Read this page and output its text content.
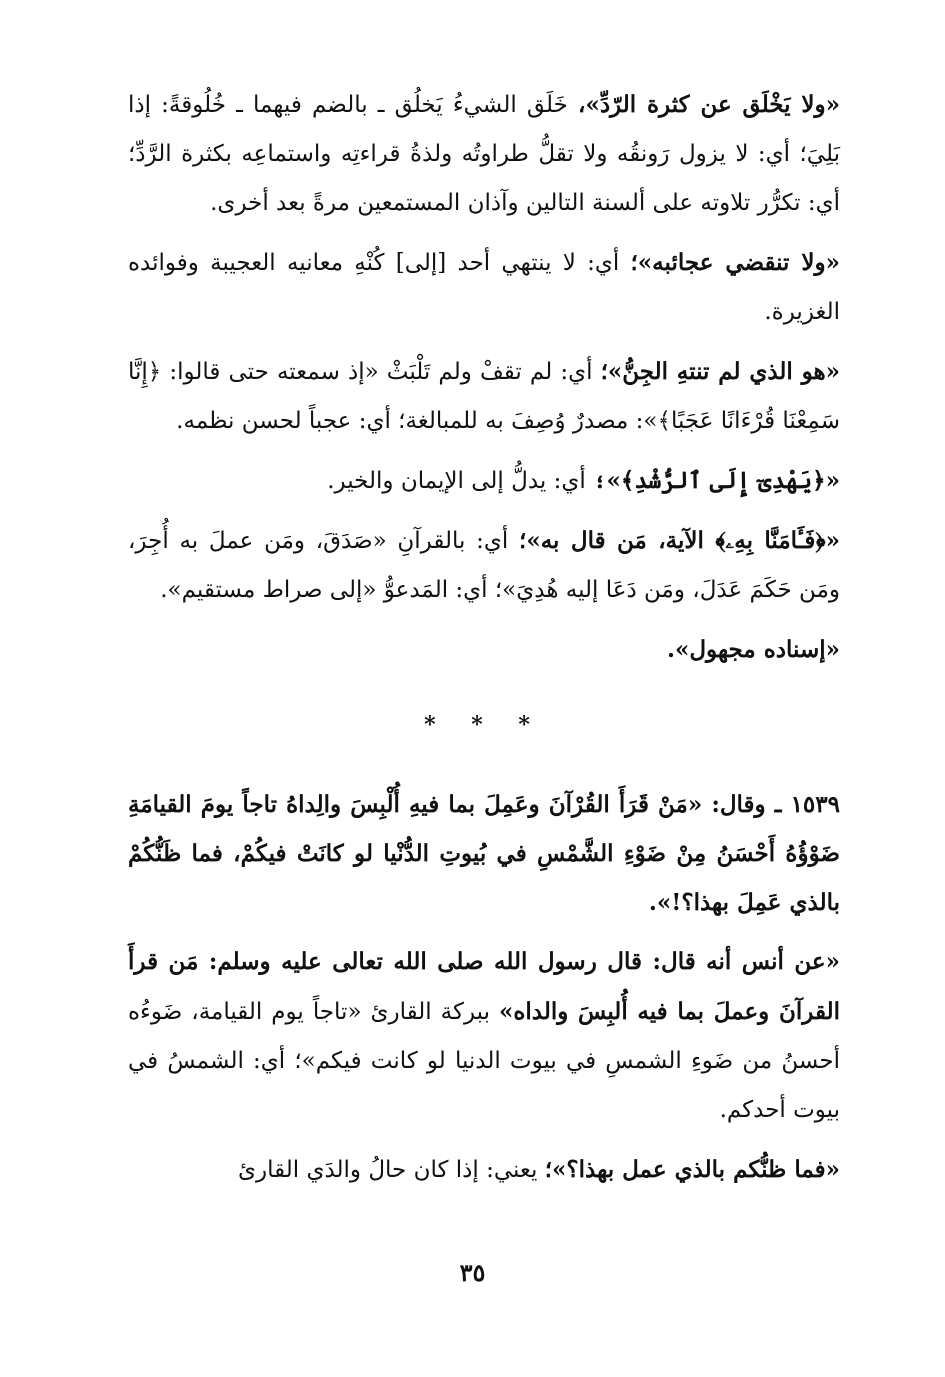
«ولا يَخْلَق عن كثرة الرّدِّ»، خَلَق الشيءُ يَخلُق ـ بالضم فيهما ـ خُلُوقةً: إذا بَلِيَ؛ أي: لا يزول رَونقُه ولا تقلُّ طراوتُه ولذةُ قراءتِه واستماعِه بكثرة الرَّدِّ؛ أي: تكرُّر تلاوته على ألسنة التالين وآذان المستمعين مرةً بعد أخرى.

«ولا تنقضي عجائبه»؛ أي: لا ينتهي أحد [إلى] كُنْهِ معانيه العجيبة وفوائده الغزيرة.

«هو الذي لم تنتهِ الجِنُّ»؛ أي: لم تقفْ ولم تَلْبَثْ «إذ سمعته حتى قالوا: ﴿إِنَّا سَمِعْنَا قُرْءَانًا عَجَبًا﴾»: مصدرٌ وُصِفَ به للمبالغة؛ أي: عجباً لحسن نظمه.

«﴿يَهْدِىٓ إِلَى ٱلرُّشْدِ﴾»؛ أي: يدلُّ إلى الإيمان والخير.

«﴿فَـَٔامَنَّا بِهِۦ﴾ الآية، مَن قال به»؛ أي: بالقرآنِ «صَدَقَ، ومَن عملَ به أُجِرَ، ومَن حَكَمَ عَدَلَ، ومَن دَعَا إليه هُدِيَ»؛ أي: المَدعوُّ «إلى صراط مستقيم».

«إسناده مجهول».

* * *

١٥٣٩ ـ وقال: «مَنْ قَرَأَ القُرْآنَ وعَمِلَ بما فيهِ أُلْبِسَ والِداهُ تاجاً يومَ القيامَةِ ضَوْؤُهُ أَحْسَنُ مِنْ ضَوْءِ الشَّمْسِ في بُيوتِ الدُّنْيا لو كانَتْ فيكُمْ، فما ظَنُّكُمْ بالذي عَمِلَ بهذا؟!».

«عن أنس أنه قال: قال رسول الله صلى الله تعالى عليه وسلم: مَن قرأَ القرآنَ وعملَ بما فيه أُلبِسَ والداه» ببركة القارئ «تاجاً يوم القيامة، ضَوءُه أحسنُ من ضَوءِ الشمسِ في بيوت الدنيا لو كانت فيكم»؛ أي: الشمسُ في بيوت أحدكم.

«فما ظنُّكم بالذي عمل بهذا؟»؛ يعني: إذا كان حالُ والدَي القارئ

٣٥
